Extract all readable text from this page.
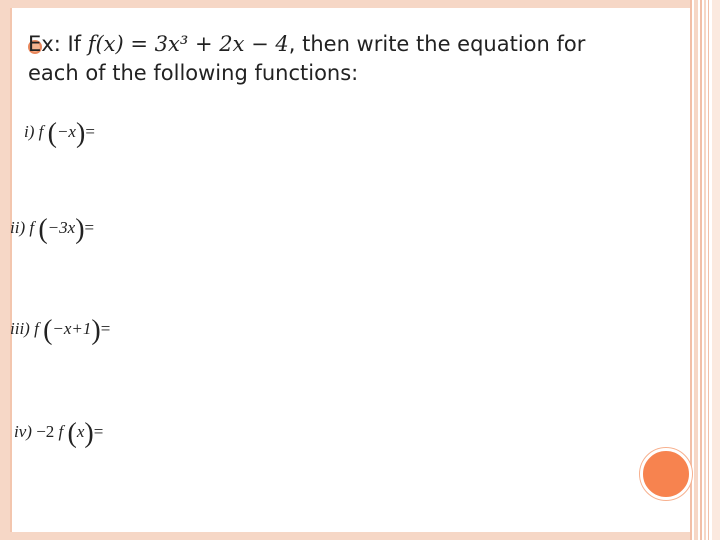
Ex: If f(x) = 3x³ + 2x − 4, then write the equation for each of the following functions:
i) f (−x)=
ii) f (−3x)=
iii) f (−x+1)=
iv) −2 f (x)=
